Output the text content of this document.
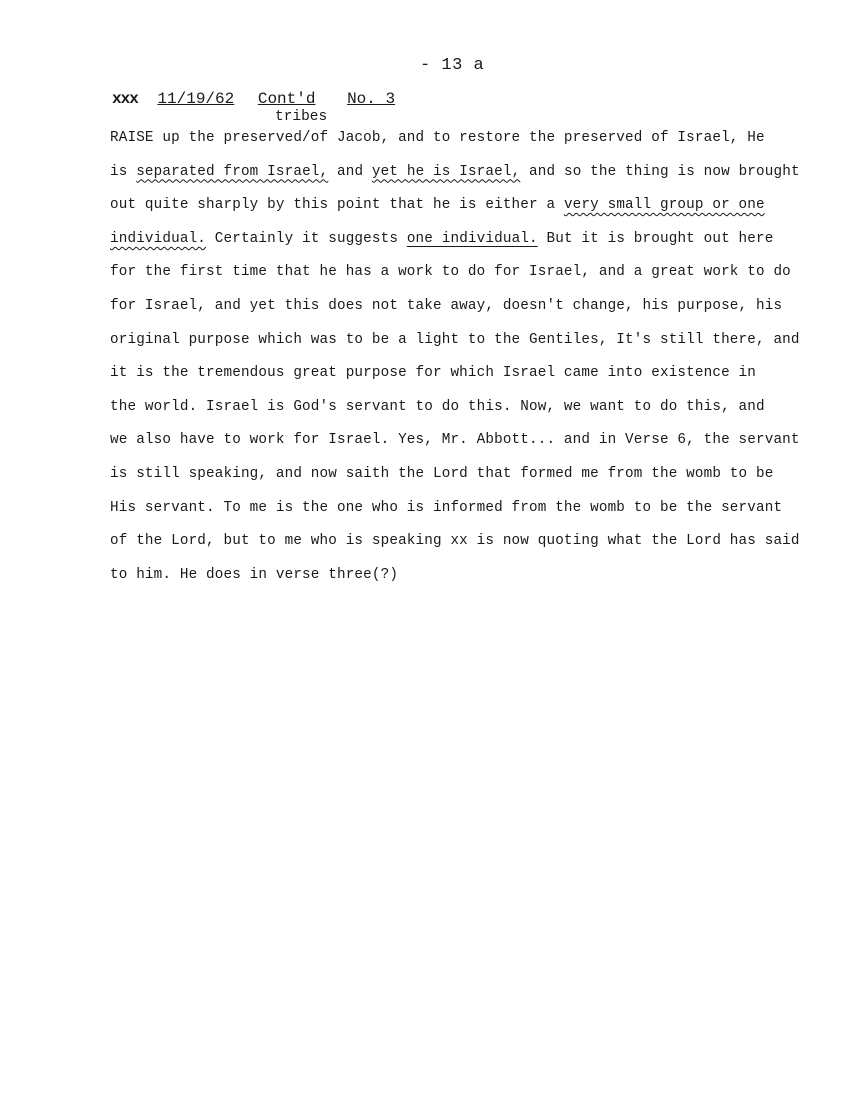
- 13 a
xxx 11/19/62 Cont'd No. 3
tribes
RAISE up the preserved/of Jacob, and to restore the preserved of Israel, He
is separated from Israel, and yet he is Israel, and so the thing is now brought
out quite sharply by this point that he is either a very small group or one
individual. Certainly it suggests one individual. But it is brought out here
for the first time that he has a work to do for Israel, and a great work to do
for Israel, and yet this does not take away, doesn't change, his purpose, his
original purpose which was to be a light to the Gentiles, It's still there, and
it is the tremendous great purpose for which Israel came into existence in
the world. Israel is God's servant to do this. Now, we want to do this, and
we also have to work for Israel. Yes, Mr. Abbott... and in Verse 6, the servant
is still speaking, and now saith the Lord that formed me from the womb to be
His servant. To me is the one who is informed from the womb to be the servant
of the Lord, but to me who is speaking xx is now quoting what the Lord has said
to him. He does in verse three(?)
